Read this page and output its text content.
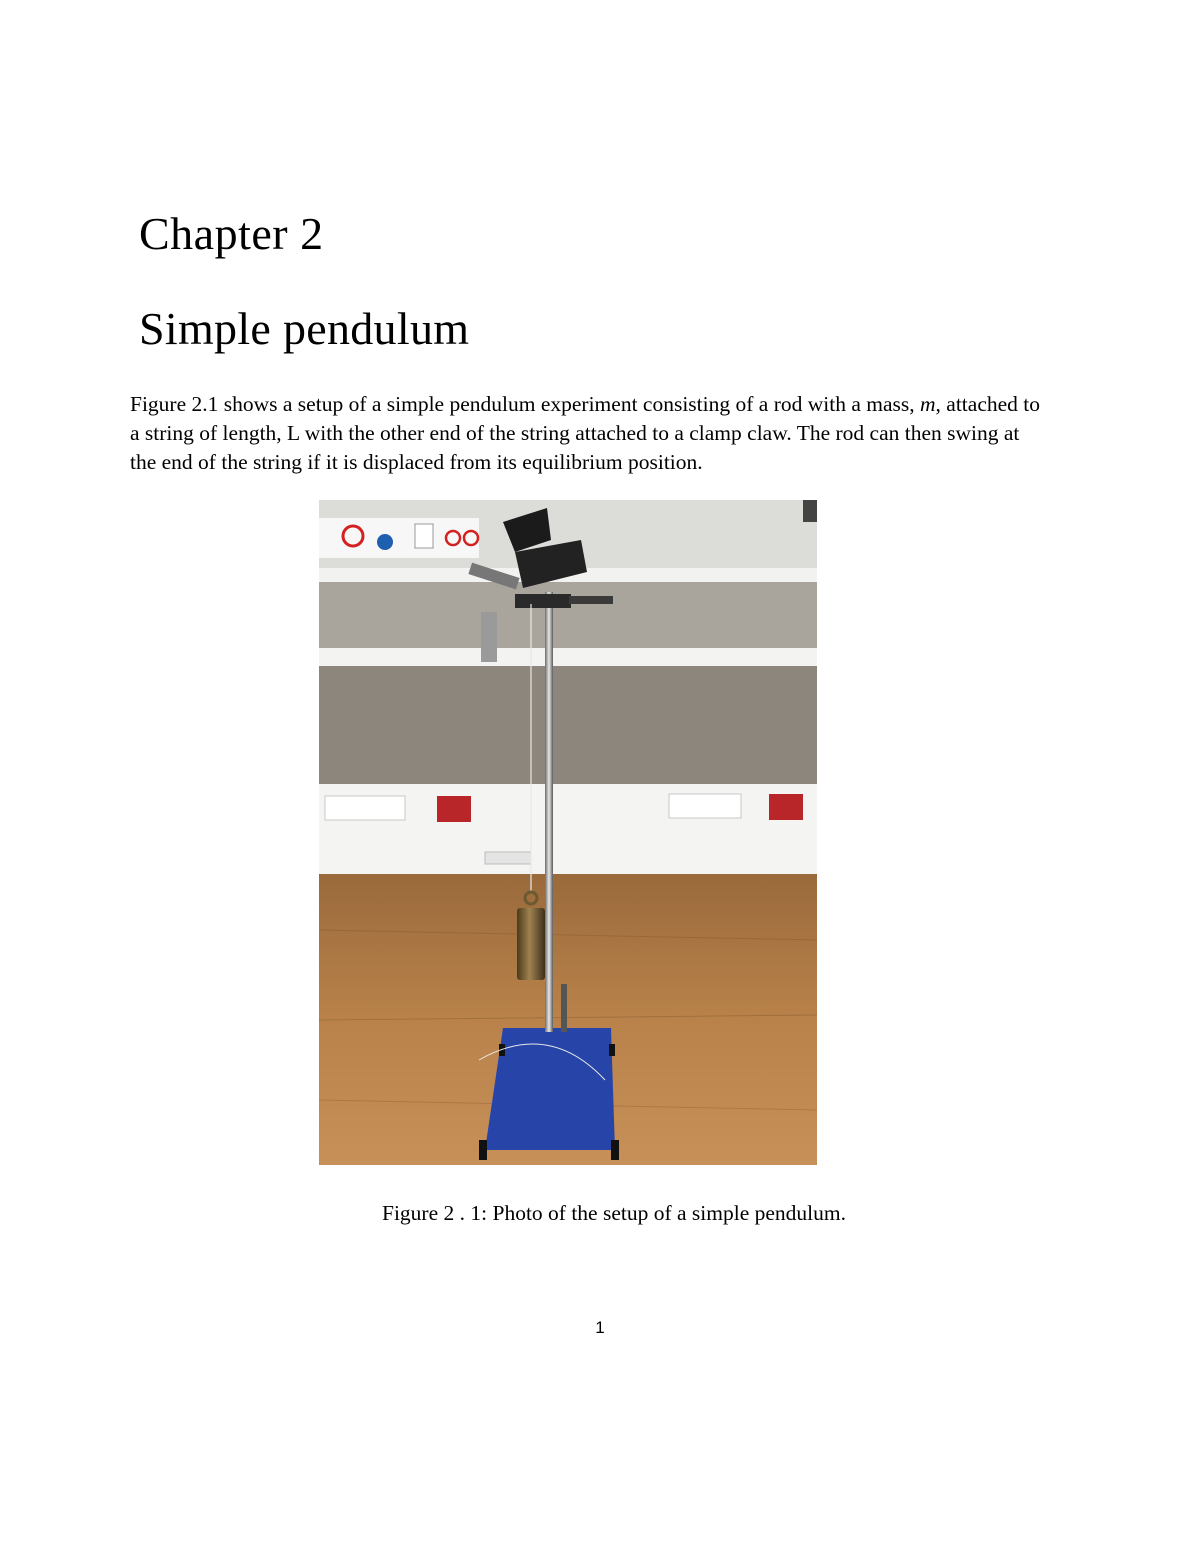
Chapter 2
Simple pendulum

Figure 2.1 shows a setup of a simple pendulum experiment consisting of a rod with a mass, m, attached to a string of length, L with the other end of the string attached to a clamp claw. The rod can then swing at the end of the string if it is displaced from its equilibrium position.

Figure 2 . 1: Photo of the setup of a simple pendulum.

1
